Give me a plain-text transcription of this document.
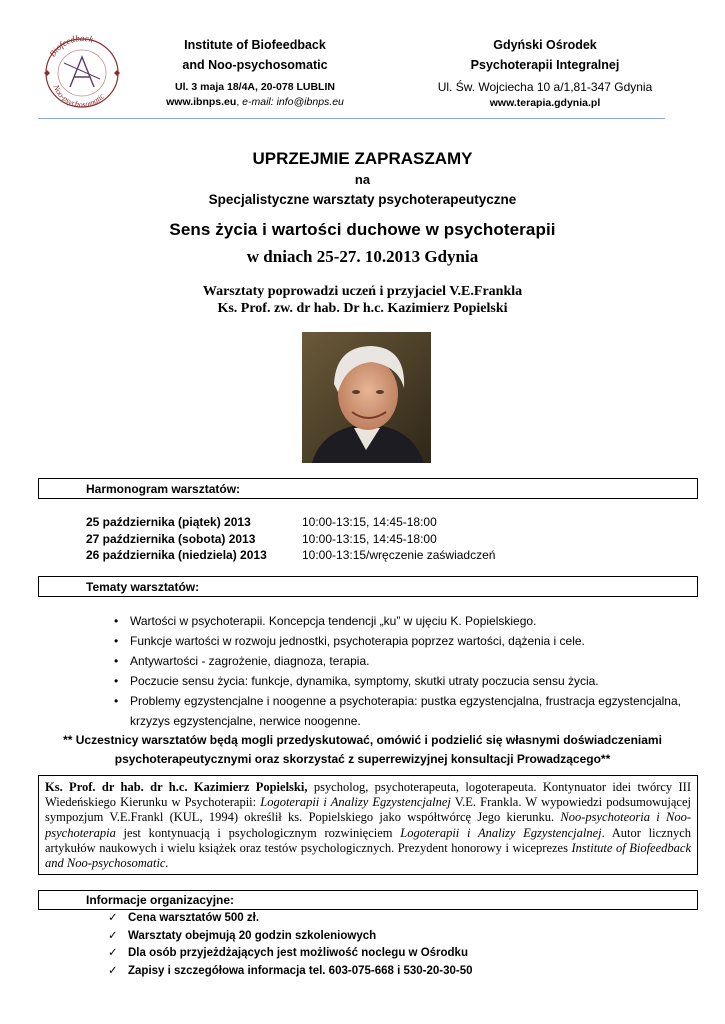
Biofeedback
Noo-psychosomatic
Institute of Biofeedback
and Noo-psychosomatic
Ul. 3 maja 18/4A, 20-078 LUBLIN
www.ibnps.eu, e-mail: info@ibnps.eu
Gdyński Ośrodek
Psychoterapii Integralnej
Ul. Św. Wojciecha 10 a/1,81-347 Gdynia
www.terapia.gdynia.pl
UPRZEJMIE ZAPRASZAMY
na
Specjalistyczne warsztaty psychoterapeutyczne
Sens życia i wartości duchowe w psychoterapii
w dniach 25-27. 10.2013 Gdynia
Warsztaty poprowadzi uczeń i przyjaciel V.E.Frankla
Ks. Prof. zw. dr hab. Dr h.c. Kazimierz Popielski
Harmonogram warsztatów:
25 października (piątek) 2013	10:00-13:15, 14:45-18:00
27 października (sobota) 2013	10:00-13:15, 14:45-18:00
26 października (niedziela) 2013	10:00-13:15/wręczenie zaświadczeń
Tematy warsztatów:
• Wartości w psychoterapii. Koncepcja tendencji „ku” w ujęciu K. Popielskiego.
• Funkcje wartości w rozwoju jednostki, psychoterapia poprzez wartości, dążenia i cele.
• Antywartości - zagrożenie, diagnoza, terapia.
• Poczucie sensu życia: funkcje, dynamika, symptomy, skutki utraty poczucia sensu życia.
• Problemy egzystencjalne i noogenne a psychoterapia: pustka egzystencjalna, frustracja egzystencjalna,
krzyzys egzystencjalne, nerwice noogenne.
** Uczestnicy warsztatów będą mogli przedyskutować, omówić i podzielić się własnymi doświadczeniami
psychoterapeutycznymi oraz skorzystać z superrewizyjnej konsultacji Prowadzącego**
Ks. Prof. dr hab. dr h.c. Kazimierz Popielski, psycholog, psychoterapeuta, logoterapeuta. Kontynuator idei twórcy III Wiedeńskiego Kierunku w Psychoterapii: Logoterapii i Analizy Egzystencjalnej V.E. Frankla. W wypowiedzi podsumowującej sympozjum V.E.Frankl (KUL, 1994) określił ks. Popielskiego jako współtwórcę Jego kierunku. Noo-psychoteoria i Noo-psychoterapia jest kontynuacją i psychologicznym rozwinięciem Logoterapii i Analizy Egzystencjalnej. Autor licznych artykułów naukowych i wielu książek oraz testów psychologicznych. Prezydent honorowy i wiceprezes Institute of Biofeedback and Noo-psychosomatic.
Informacje organizacyjne:
✓ Cena warsztatów 500 zł.
✓ Warsztaty obejmują 20 godzin szkoleniowych
✓ Dla osób przyjeżdżających jest możliwość noclegu w Ośrodku
✓ Zapisy i szczegółowa informacja tel. 603-075-668 i 530-20-30-50
